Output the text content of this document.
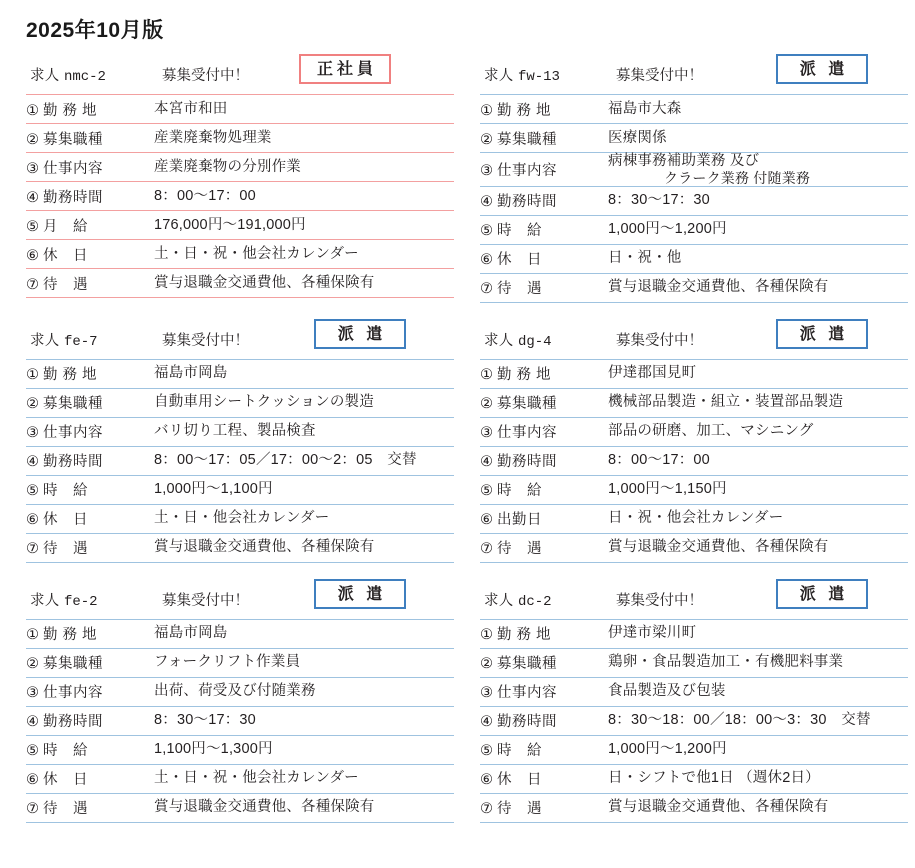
2025年10月版
求人 nmc-2	募集受付中！	正社員
① 勤 務 地	本宮市和田
② 募集職種	産業廃棄物処理業
③ 仕事内容	産業廃棄物の分別作業
④ 勤務時間	8：00〜17：00
⑤ 月　給	176,000円〜191,000円
⑥ 休　日	土・日・祝・他会社カレンダー
⑦ 待　遇	賞与退職金交通費他、各種保険有
求人 fw-13	募集受付中！	派 遣
① 勤 務 地	福島市大森
② 募集職種	医療関係
③ 仕事内容	病棟事務補助業務 及び
クラーク業務 付随業務

④ 勤務時間	8：30〜17：30
⑤ 時　給	1,000円〜1,200円
⑥ 休　日	日・祝・他
⑦ 待　遇	賞与退職金交通費他、各種保険有
求人 fe-7	募集受付中！	派 遣
① 勤 務 地	福島市岡島
② 募集職種	自動車用シートクッションの製造
③ 仕事内容	バリ切り工程、製品検査
④ 勤務時間	8：00〜17：05／17：00〜2：05　交替
⑤ 時　給	1,000円〜1,100円
⑥ 休　日	土・日・他会社カレンダー
⑦ 待　遇	賞与退職金交通費他、各種保険有
求人 dg-4	募集受付中！	派 遣
① 勤 務 地	伊達郡国見町
② 募集職種	機械部品製造・組立・装置部品製造
③ 仕事内容	部品の研磨、加工、マシニング
④ 勤務時間	8：00〜17：00
⑤ 時　給	1,000円〜1,150円
⑥ 出勤日	日・祝・他会社カレンダー
⑦ 待　遇	賞与退職金交通費他、各種保険有
求人 fe-2	募集受付中！	派 遣
① 勤 務 地	福島市岡島
② 募集職種	フォークリフト作業員
③ 仕事内容	出荷、荷受及び付随業務
④ 勤務時間	8：30〜17：30
⑤ 時　給	1,100円〜1,300円
⑥ 休　日	土・日・祝・他会社カレンダー
⑦ 待　遇	賞与退職金交通費他、各種保険有
求人 dc-2	募集受付中！	派 遣
① 勤 務 地	伊達市梁川町
② 募集職種	鶏卵・食品製造加工・有機肥料事業
③ 仕事内容	食品製造及び包装
④ 勤務時間	8：30〜18：00／18：00〜3：30　交替
⑤ 時　給	1,000円〜1,200円
⑥ 休　日	日・シフトで他1日 （週休2日）
⑦ 待　遇	賞与退職金交通費他、各種保険有
